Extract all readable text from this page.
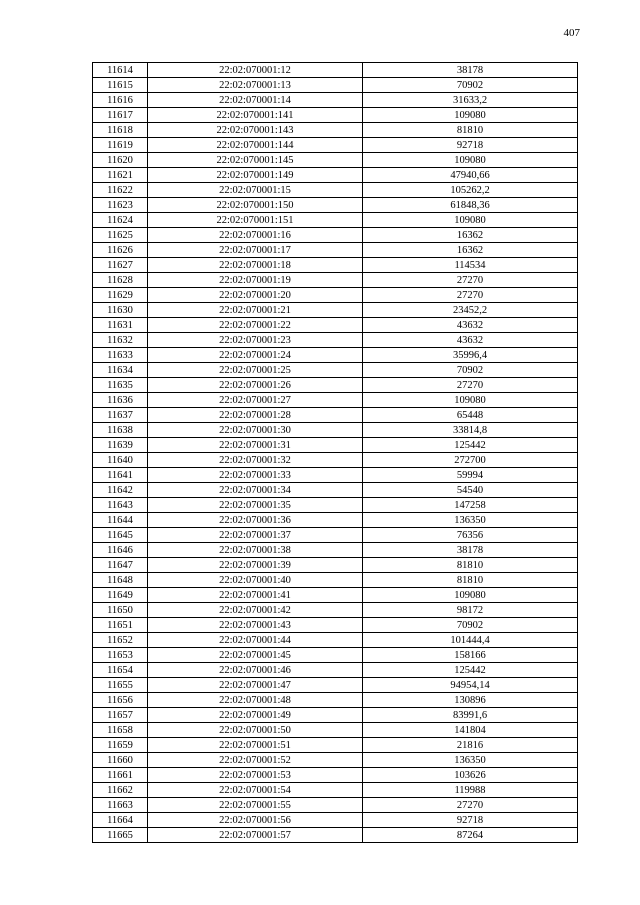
407
11614	22:02:070001:12	38178
11615	22:02:070001:13	70902
11616	22:02:070001:14	31633,2
11617	22:02:070001:141	109080
11618	22:02:070001:143	81810
11619	22:02:070001:144	92718
11620	22:02:070001:145	109080
11621	22:02:070001:149	47940,66
11622	22:02:070001:15	105262,2
11623	22:02:070001:150	61848,36
11624	22:02:070001:151	109080
11625	22:02:070001:16	16362
11626	22:02:070001:17	16362
11627	22:02:070001:18	114534
11628	22:02:070001:19	27270
11629	22:02:070001:20	27270
11630	22:02:070001:21	23452,2
11631	22:02:070001:22	43632
11632	22:02:070001:23	43632
11633	22:02:070001:24	35996,4
11634	22:02:070001:25	70902
11635	22:02:070001:26	27270
11636	22:02:070001:27	109080
11637	22:02:070001:28	65448
11638	22:02:070001:30	33814,8
11639	22:02:070001:31	125442
11640	22:02:070001:32	272700
11641	22:02:070001:33	59994
11642	22:02:070001:34	54540
11643	22:02:070001:35	147258
11644	22:02:070001:36	136350
11645	22:02:070001:37	76356
11646	22:02:070001:38	38178
11647	22:02:070001:39	81810
11648	22:02:070001:40	81810
11649	22:02:070001:41	109080
11650	22:02:070001:42	98172
11651	22:02:070001:43	70902
11652	22:02:070001:44	101444,4
11653	22:02:070001:45	158166
11654	22:02:070001:46	125442
11655	22:02:070001:47	94954,14
11656	22:02:070001:48	130896
11657	22:02:070001:49	83991,6
11658	22:02:070001:50	141804
11659	22:02:070001:51	21816
11660	22:02:070001:52	136350
11661	22:02:070001:53	103626
11662	22:02:070001:54	119988
11663	22:02:070001:55	27270
11664	22:02:070001:56	92718
11665	22:02:070001:57	87264
